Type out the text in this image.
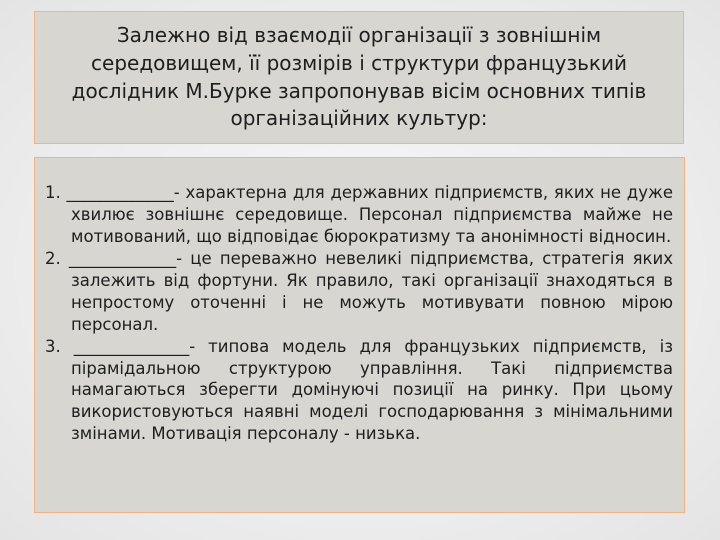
Залежно від взаємодії організації з зовнішнім середовищем, її розмірів і структури французький дослідник М.Бурке запропонував вісім основних типів організаційних культур:

1. _____________- характерна для державних підприємств, яких не дуже хвилює зовнішнє середовище. Персонал підприємства майже не мотивований, що відповідає бюрократизму та анонімності відносин.
2. _____________- це переважно невеликі підприємства, стратегія яких залежить від фортуни. Як правило, такі організації знаходяться в непростому оточенні і не можуть мотивувати повною мірою персонал.
3. ______________- типова модель для французьких підприємств, із пірамідальною структурою управління. Такі підприємства намагаються зберегти домінуючі позиції на ринку. При цьому використовуються наявні моделі господарювання з мінімальними змінами. Мотивація персоналу - низька.
